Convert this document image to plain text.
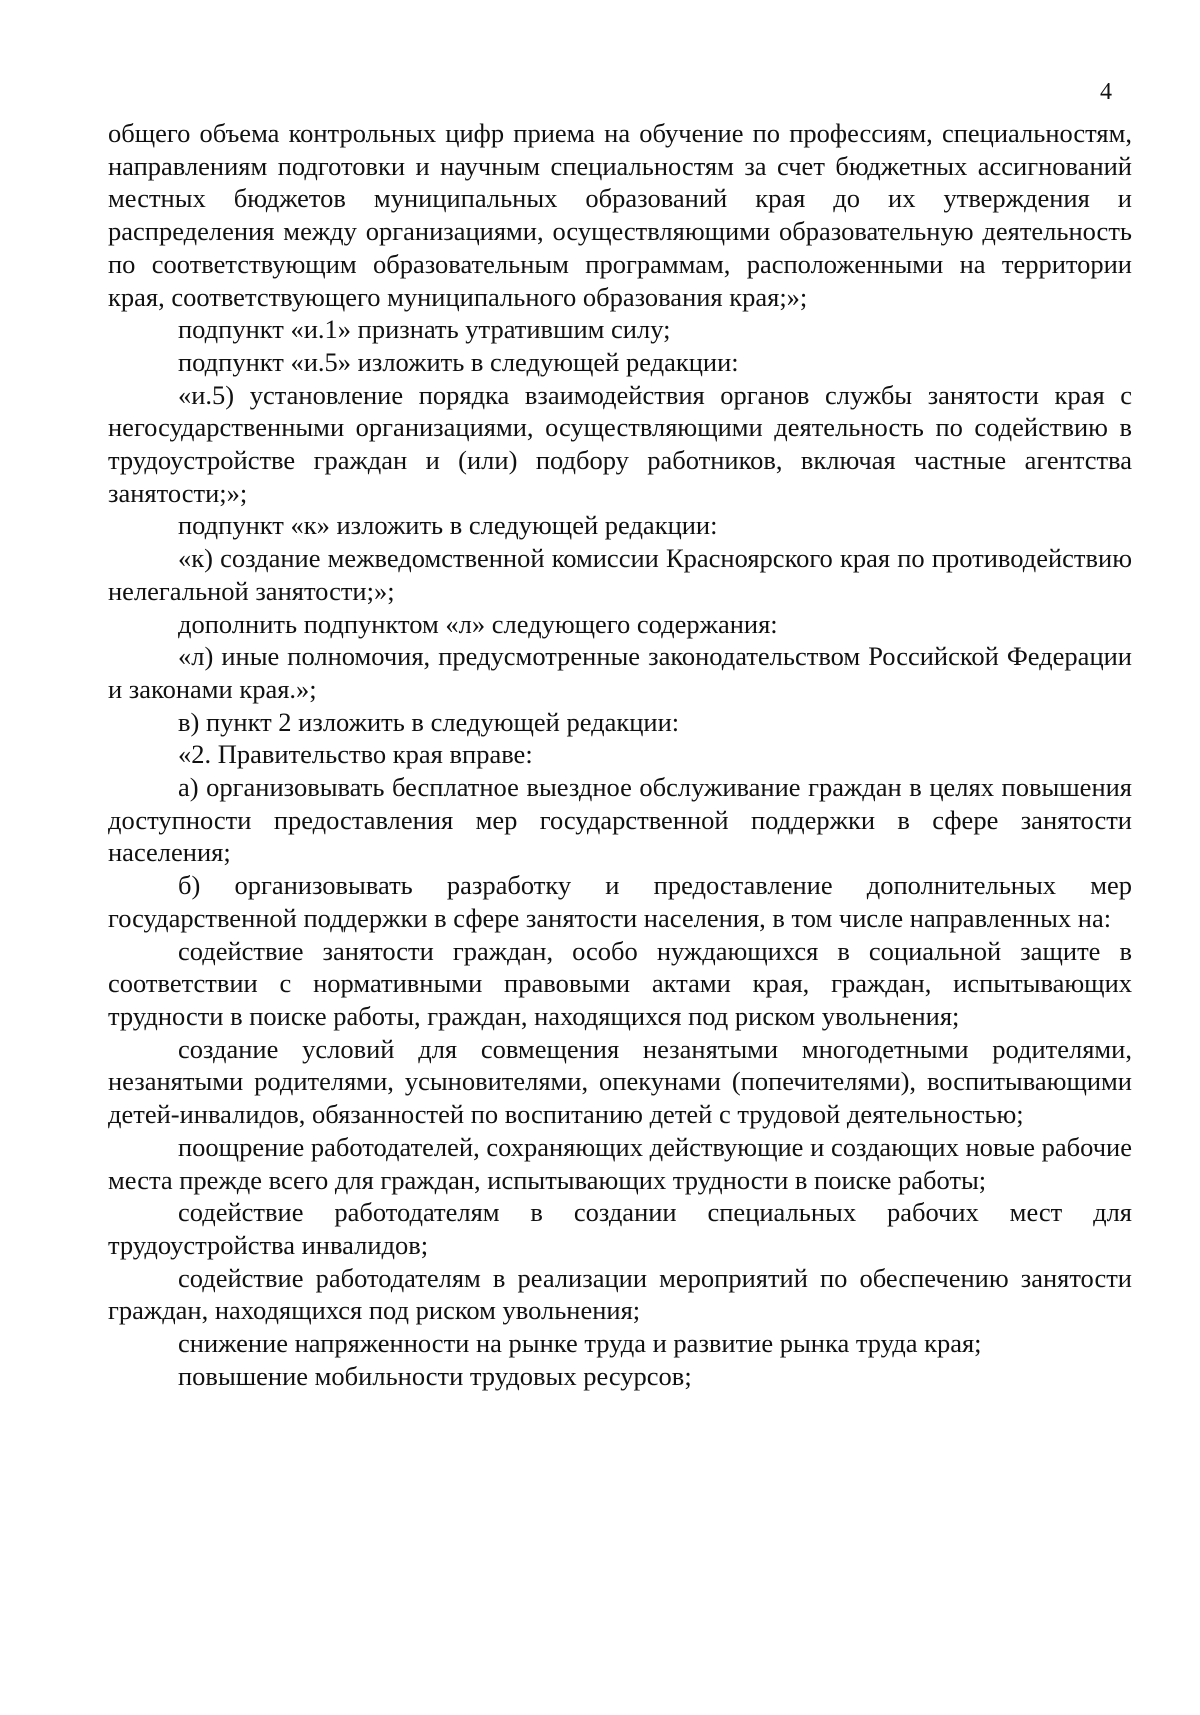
4

общего объема контрольных цифр приема на обучение по профессиям, специальностям, направлениям подготовки и научным специальностям за счет бюджетных ассигнований местных бюджетов муниципальных образований края до их утверждения и распределения между организациями, осуществляющими образовательную деятельность по соответствующим образовательным программам, расположенными на территории края, соответствующего муниципального образования края;»;

подпункт «и.1» признать утратившим силу;

подпункт «и.5» изложить в следующей редакции:

«и.5) установление порядка взаимодействия органов службы занятости края с негосударственными организациями, осуществляющими деятельность по содействию в трудоустройстве граждан и (или) подбору работников, включая частные агентства занятости;»;

подпункт «к» изложить в следующей редакции:

«к) создание межведомственной комиссии Красноярского края по противодействию нелегальной занятости;»;

дополнить подпунктом «л» следующего содержания:

«л) иные полномочия, предусмотренные законодательством Российской Федерации и законами края.»;

в) пункт 2 изложить в следующей редакции:

«2. Правительство края вправе:

а) организовывать бесплатное выездное обслуживание граждан в целях повышения доступности предоставления мер государственной поддержки в сфере занятости населения;

б) организовывать разработку и предоставление дополнительных мер государственной поддержки в сфере занятости населения, в том числе направленных на:

содействие занятости граждан, особо нуждающихся в социальной защите в соответствии с нормативными правовыми актами края, граждан, испытывающих трудности в поиске работы, граждан, находящихся под риском увольнения;

создание условий для совмещения незанятыми многодетными родителями, незанятыми родителями, усыновителями, опекунами (попечителями), воспитывающими детей-инвалидов, обязанностей по воспитанию детей с трудовой деятельностью;

поощрение работодателей, сохраняющих действующие и создающих новые рабочие места прежде всего для граждан, испытывающих трудности в поиске работы;

содействие работодателям в создании специальных рабочих мест для трудоустройства инвалидов;

содействие работодателям в реализации мероприятий по обеспечению занятости граждан, находящихся под риском увольнения;

снижение напряженности на рынке труда и развитие рынка труда края;

повышение мобильности трудовых ресурсов;
